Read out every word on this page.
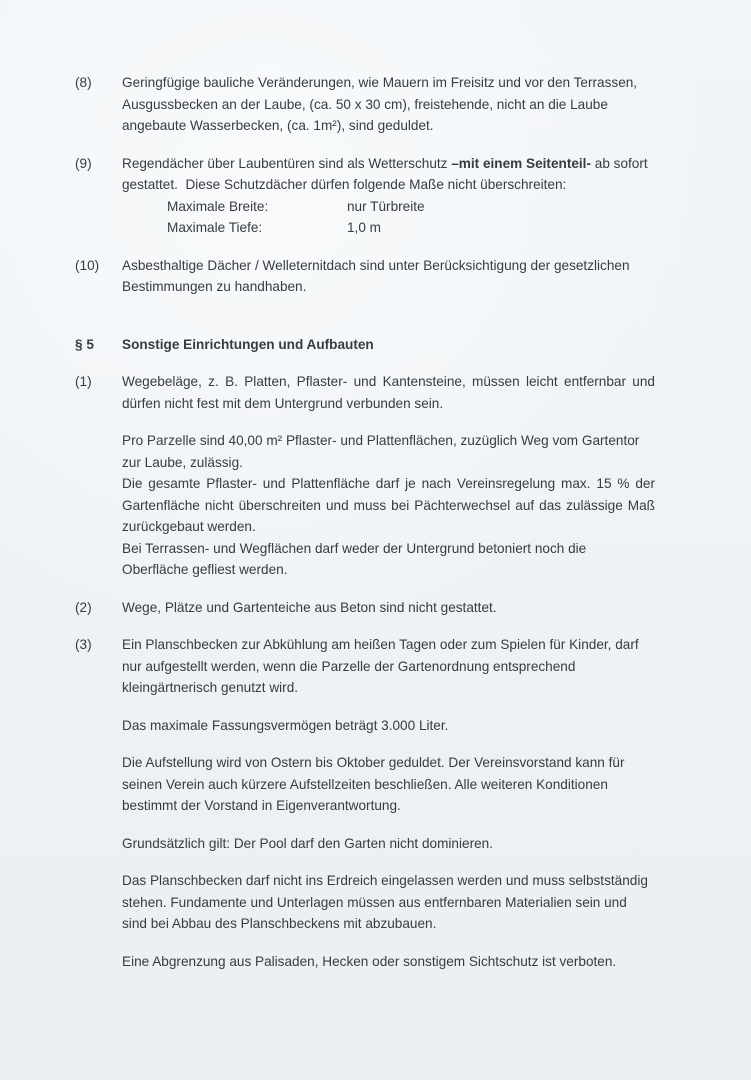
(8)	Geringfügige bauliche Veränderungen, wie Mauern im Freisitz und vor den Terrassen, Ausgussbecken an der Laube, (ca. 50 x 30 cm), freistehende, nicht an die Laube angebaute Wasserbecken, (ca. 1m²), sind geduldet.

(9)	Regendächer über Laubentüren sind als Wetterschutz –mit einem Seitenteil- ab sofort gestattet.  Diese Schutzdächer dürfen folgende Maße nicht überschreiten:

Maximale Breite:	nur Türbreite
Maximale Tiefe:	1,0 m
(10)	Asbesthaltige Dächer / Welleternitdach sind unter Berücksichtigung der gesetzlichen Bestimmungen zu handhaben.

§ 5	Sonstige Einrichtungen und Aufbauten

(1)	Wegebeläge, z. B. Platten, Pflaster- und Kantensteine, müssen leicht entfernbar und dürfen nicht fest mit dem Untergrund verbunden sein.

Pro Parzelle sind 40,00 m² Pflaster- und Plattenflächen, zuzüglich Weg vom Gartentor zur Laube, zulässig.

Die gesamte Pflaster- und Plattenfläche darf je nach Vereinsregelung max. 15 % der Gartenfläche nicht überschreiten und muss bei Pächterwechsel auf das zulässige Maß zurückgebaut werden.

Bei Terrassen- und Wegflächen darf weder der Untergrund betoniert noch die Oberfläche gefliest werden.

(2)	Wege, Plätze und Gartenteiche aus Beton sind nicht gestattet.

(3)	Ein Planschbecken zur Abkühlung am heißen Tagen oder zum Spielen für Kinder, darf nur aufgestellt werden, wenn die Parzelle der Gartenordnung entsprechend kleingärtnerisch genutzt wird.

Das maximale Fassungsvermögen beträgt 3.000 Liter.

Die Aufstellung wird von Ostern bis Oktober geduldet. Der Vereinsvorstand kann für seinen Verein auch kürzere Aufstellzeiten beschließen. Alle weiteren Konditionen bestimmt der Vorstand in Eigenverantwortung.

Grundsätzlich gilt: Der Pool darf den Garten nicht dominieren.

Das Planschbecken darf nicht ins Erdreich eingelassen werden und muss selbstständig stehen. Fundamente und Unterlagen müssen aus entfernbaren Materialien sein und sind bei Abbau des Planschbeckens mit abzubauen.

Eine Abgrenzung aus Palisaden, Hecken oder sonstigem Sichtschutz ist verboten.
